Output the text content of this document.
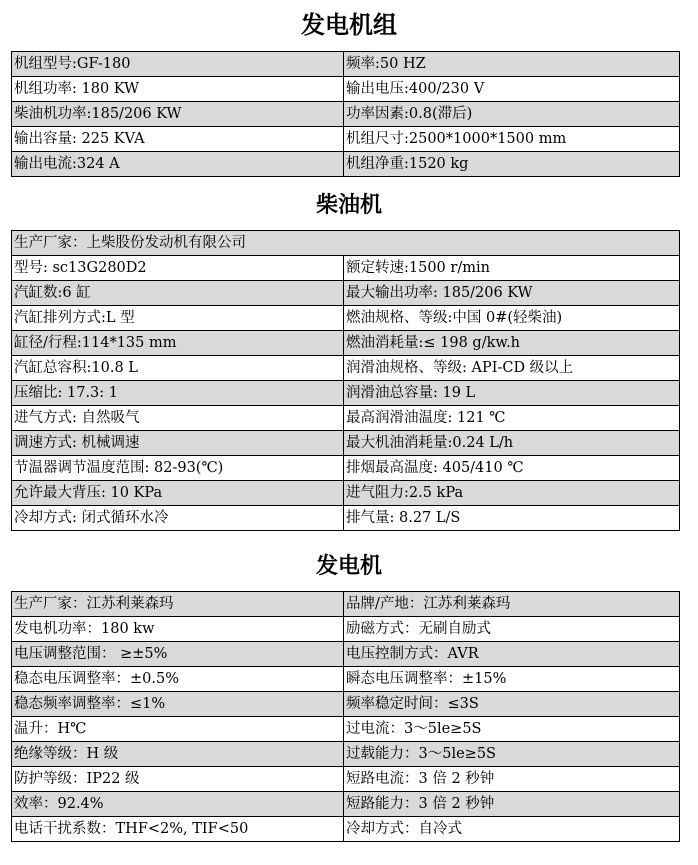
发电机组
机组型号:GF-180	频率:50 HZ
机组功率: 180 KW	输出电压:400/230 V
柴油机功率:185/206 KW	功率因素:0.8(滞后)
输出容量: 225 KVA	机组尺寸:2500*1000*1500 mm
输出电流:324 A	机组净重:1520 kg
柴油机
生产厂家：上柴股份发动机有限公司	
型号: sc13G280D2	额定转速:1500 r/min
汽缸数:6 缸	最大输出功率: 185/206 KW
汽缸排列方式:L 型	燃油规格、等级:中国 0#(轻柴油)
缸径/行程:114*135 mm	燃油消耗量:≤ 198 g/kw.h
汽缸总容积:10.8 L	润滑油规格、等级: API-CD 级以上
压缩比: 17.3: 1	润滑油总容量: 19 L
进气方式: 自然吸气	最高润滑油温度: 121 ℃
调速方式: 机械调速	最大机油消耗量:0.24 L/h
节温器调节温度范围: 82-93(℃)	排烟最高温度: 405/410 ℃
允许最大背压: 10 KPa	进气阻力:2.5 kPa
冷却方式: 闭式循环水冷	排气量: 8.27 L/S
发电机
生产厂家：江苏利莱森玛	品牌/产地：江苏利莱森玛
发电机功率：180 kw	励磁方式：无刷自励式
电压调整范围： ≥±5%	电压控制方式：AVR
稳态电压调整率：±0.5%	瞬态电压调整率：±15%
稳态频率调整率：≤1%	频率稳定时间：≤3S
温升：H℃	过电流：3～5le≥5S
绝缘等级：H 级	过载能力：3～5le≥5S
防护等级：IP22 级	短路电流：3 倍 2 秒钟
效率：92.4%	短路能力：3 倍 2 秒钟
电话干扰系数：THF<2%, TIF<50	冷却方式：自冷式
